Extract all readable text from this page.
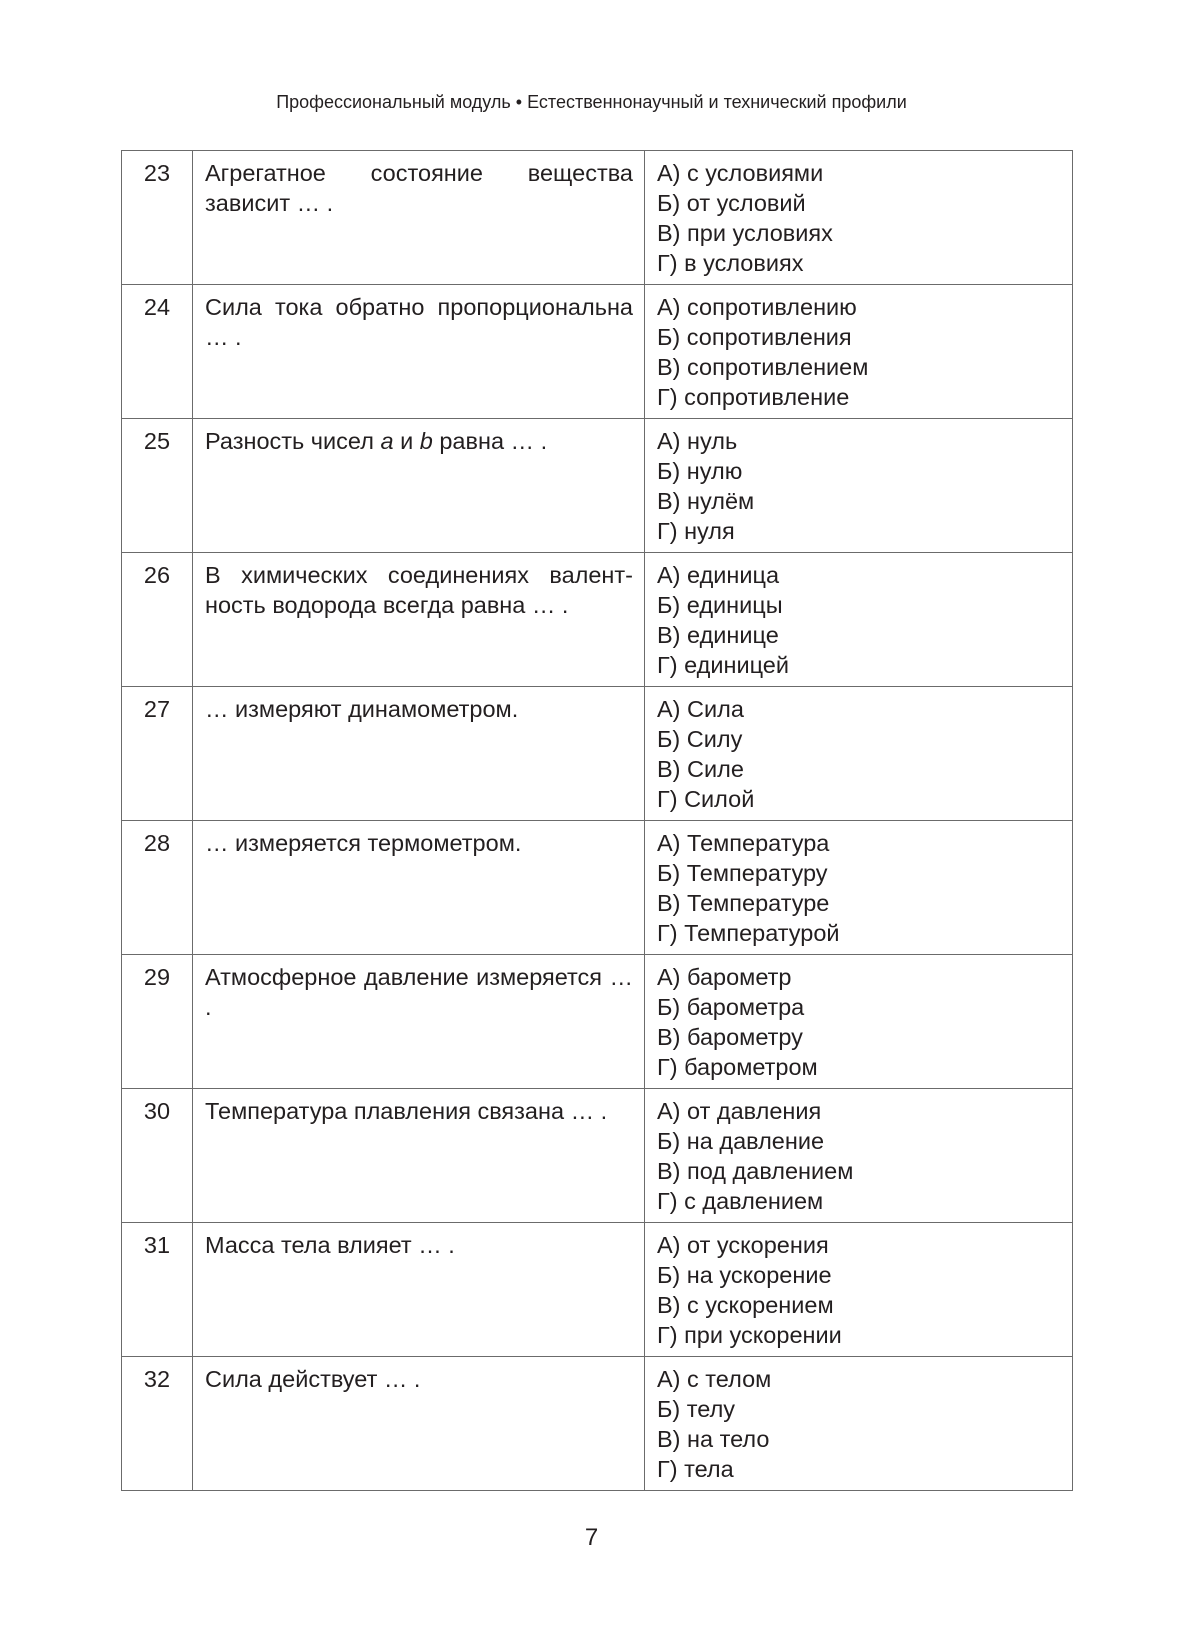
Профессиональный модуль • Естественнонаучный и технический профили
23	Агрегатное состояние вещества зависит … .	А) с условиями
Б) от условий
В) при условиях
Г) в условиях

24	Сила тока обратно пропорциональна … .	А) сопротивлению
Б) сопротивления
В) сопротивлением
Г) сопротивление

25	Разность чисел a и b равна … .	А) нуль
Б) нулю
В) нулём
Г) нуля

26	В химических соединениях валентность водорода всегда равна … .	А) единица
Б) единицы
В) единице
Г) единицей

27	… измеряют динамометром.	А) Сила
Б) Силу
В) Силе
Г) Силой

28	… измеряется термометром.	А) Температура
Б) Температуру
В) Температуре
Г) Температурой

29	Атмосферное давление измеряется … .	А) барометр
Б) барометра
В) барометру
Г) барометром

30	Температура плавления связана … .	А) от давления
Б) на давление
В) под давлением
Г) с давлением

31	Масса тела влияет … .	А) от ускорения
Б) на ускорение
В) с ускорением
Г) при ускорении

32	Сила действует … .	А) с телом
Б) телу
В) на тело
Г) тела
7
